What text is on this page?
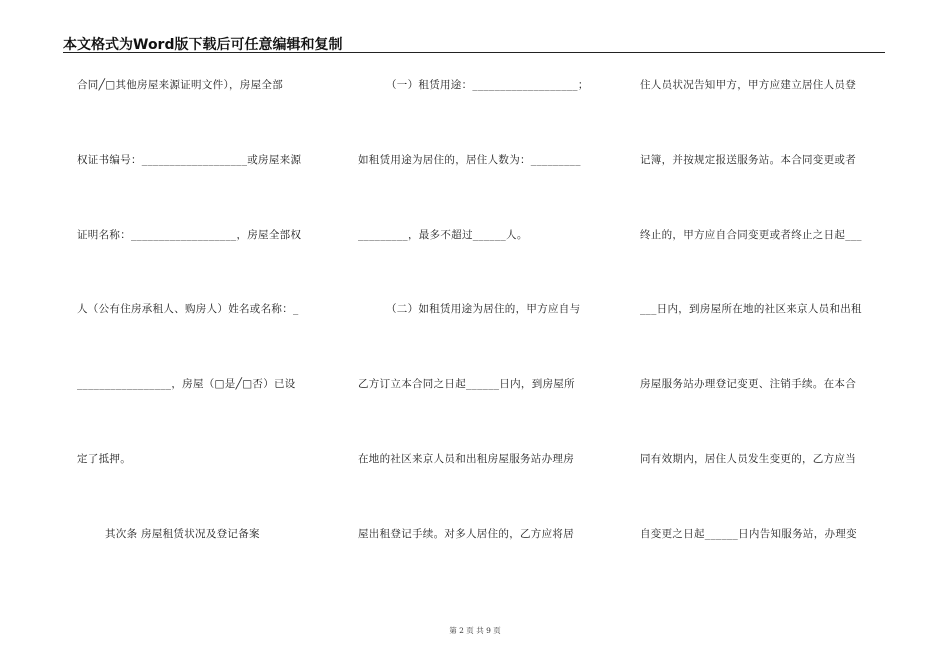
本文格式为Word版下载后可任意编辑和复制

合同╱□其他房屋来源证明文件），房屋全部

权证书编号：___________________或房屋来源

证明名称：___________________，房屋全部权

人（公有住房承租人、购房人）姓名或名称：_

_________________，房屋（□是╱□否）已设

定了抵押。

其次条 房屋租赁状况及登记备案

（一）租赁用途：___________________；

如租赁用途为居住的，居住人数为：_________

_________，最多不超过______人。

（二）如租赁用途为居住的，甲方应自与

乙方订立本合同之日起______日内，到房屋所

在地的社区来京人员和出租房屋服务站办理房

屋出租登记手续。对多人居住的，乙方应将居

住人员状况告知甲方，甲方应建立居住人员登

记簿，并按规定报送服务站。本合同变更或者

终止的，甲方应自合同变更或者终止之日起___

___日内，到房屋所在地的社区来京人员和出租

房屋服务站办理登记变更、注销手续。在本合

同有效期内，居住人员发生变更的，乙方应当

自变更之日起______日内告知服务站，办理变

第 2 页 共 9 页
